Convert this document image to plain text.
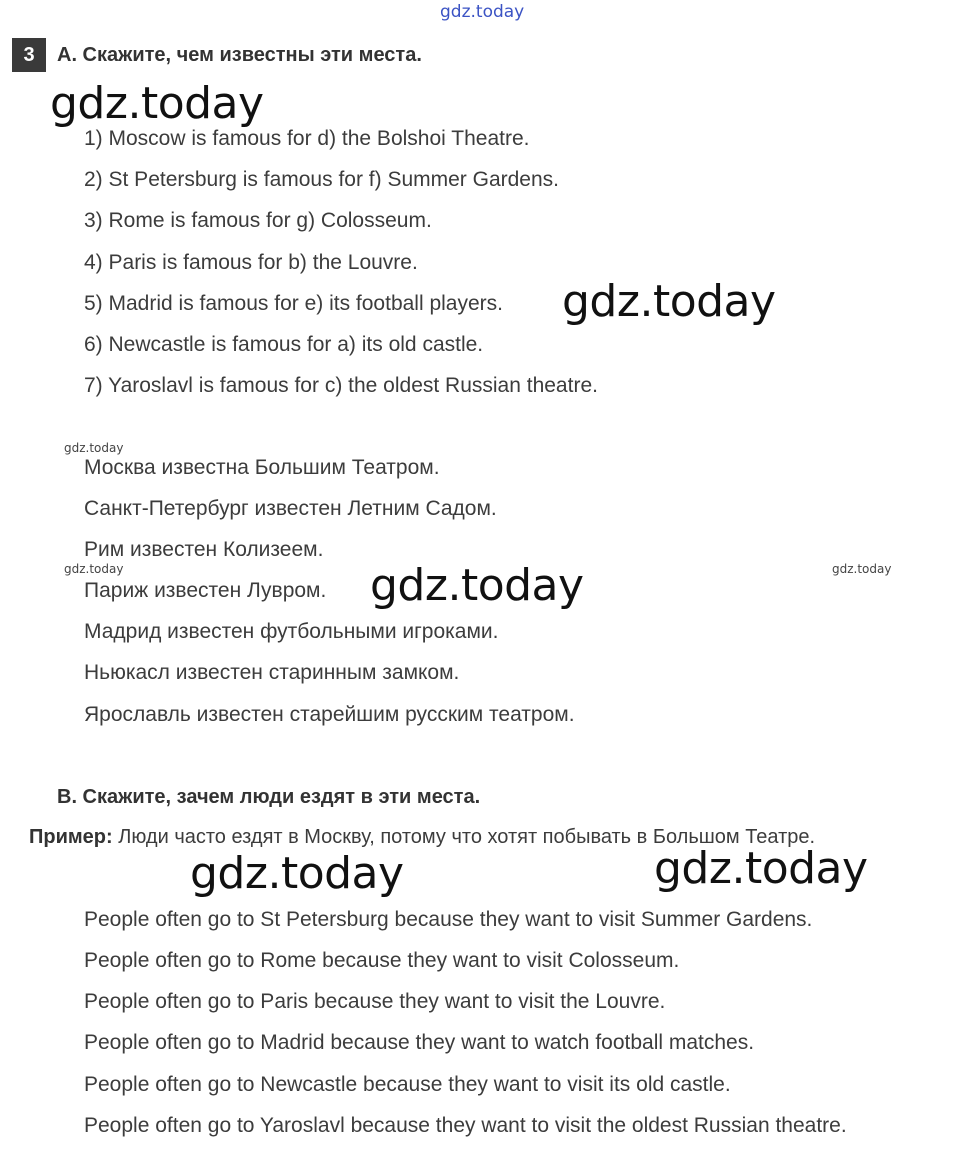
gdz.today
gdz.today
gdz.today
gdz.today
gdz.today	gdz.today
gdz.today
gdz.today	gdz.today
3	A. Скажите, чем известны эти места.
1) Moscow is famous for d) the Bolshoi Theatre.
2) St Petersburg is famous for f) Summer Gardens.
3) Rome is famous for g) Colosseum.
4) Paris is famous for b) the Louvre.
5) Madrid is famous for e) its football players.
6) Newcastle is famous for a) its old castle.
7) Yaroslavl is famous for c) the oldest Russian theatre.
Москва известна Большим Театром.
Санкт-Петербург известен Летним Садом.
Рим известен Колизеем.
Париж известен Лувром.
Мадрид известен футбольными игроками.
Ньюкасл известен старинным замком.
Ярославль известен старейшим русским театром.
B. Скажите, зачем люди ездят в эти места.
Пример: Люди часто ездят в Москву, потому что хотят побывать в Большом Театре.
People often go to St Petersburg because they want to visit Summer Gardens.
People often go to Rome because they want to visit Colosseum.
People often go to Paris because they want to visit the Louvre.
People often go to Madrid because they want to watch football matches.
People often go to Newcastle because they want to visit its old castle.
People often go to Yaroslavl because they want to visit the oldest Russian theatre.
